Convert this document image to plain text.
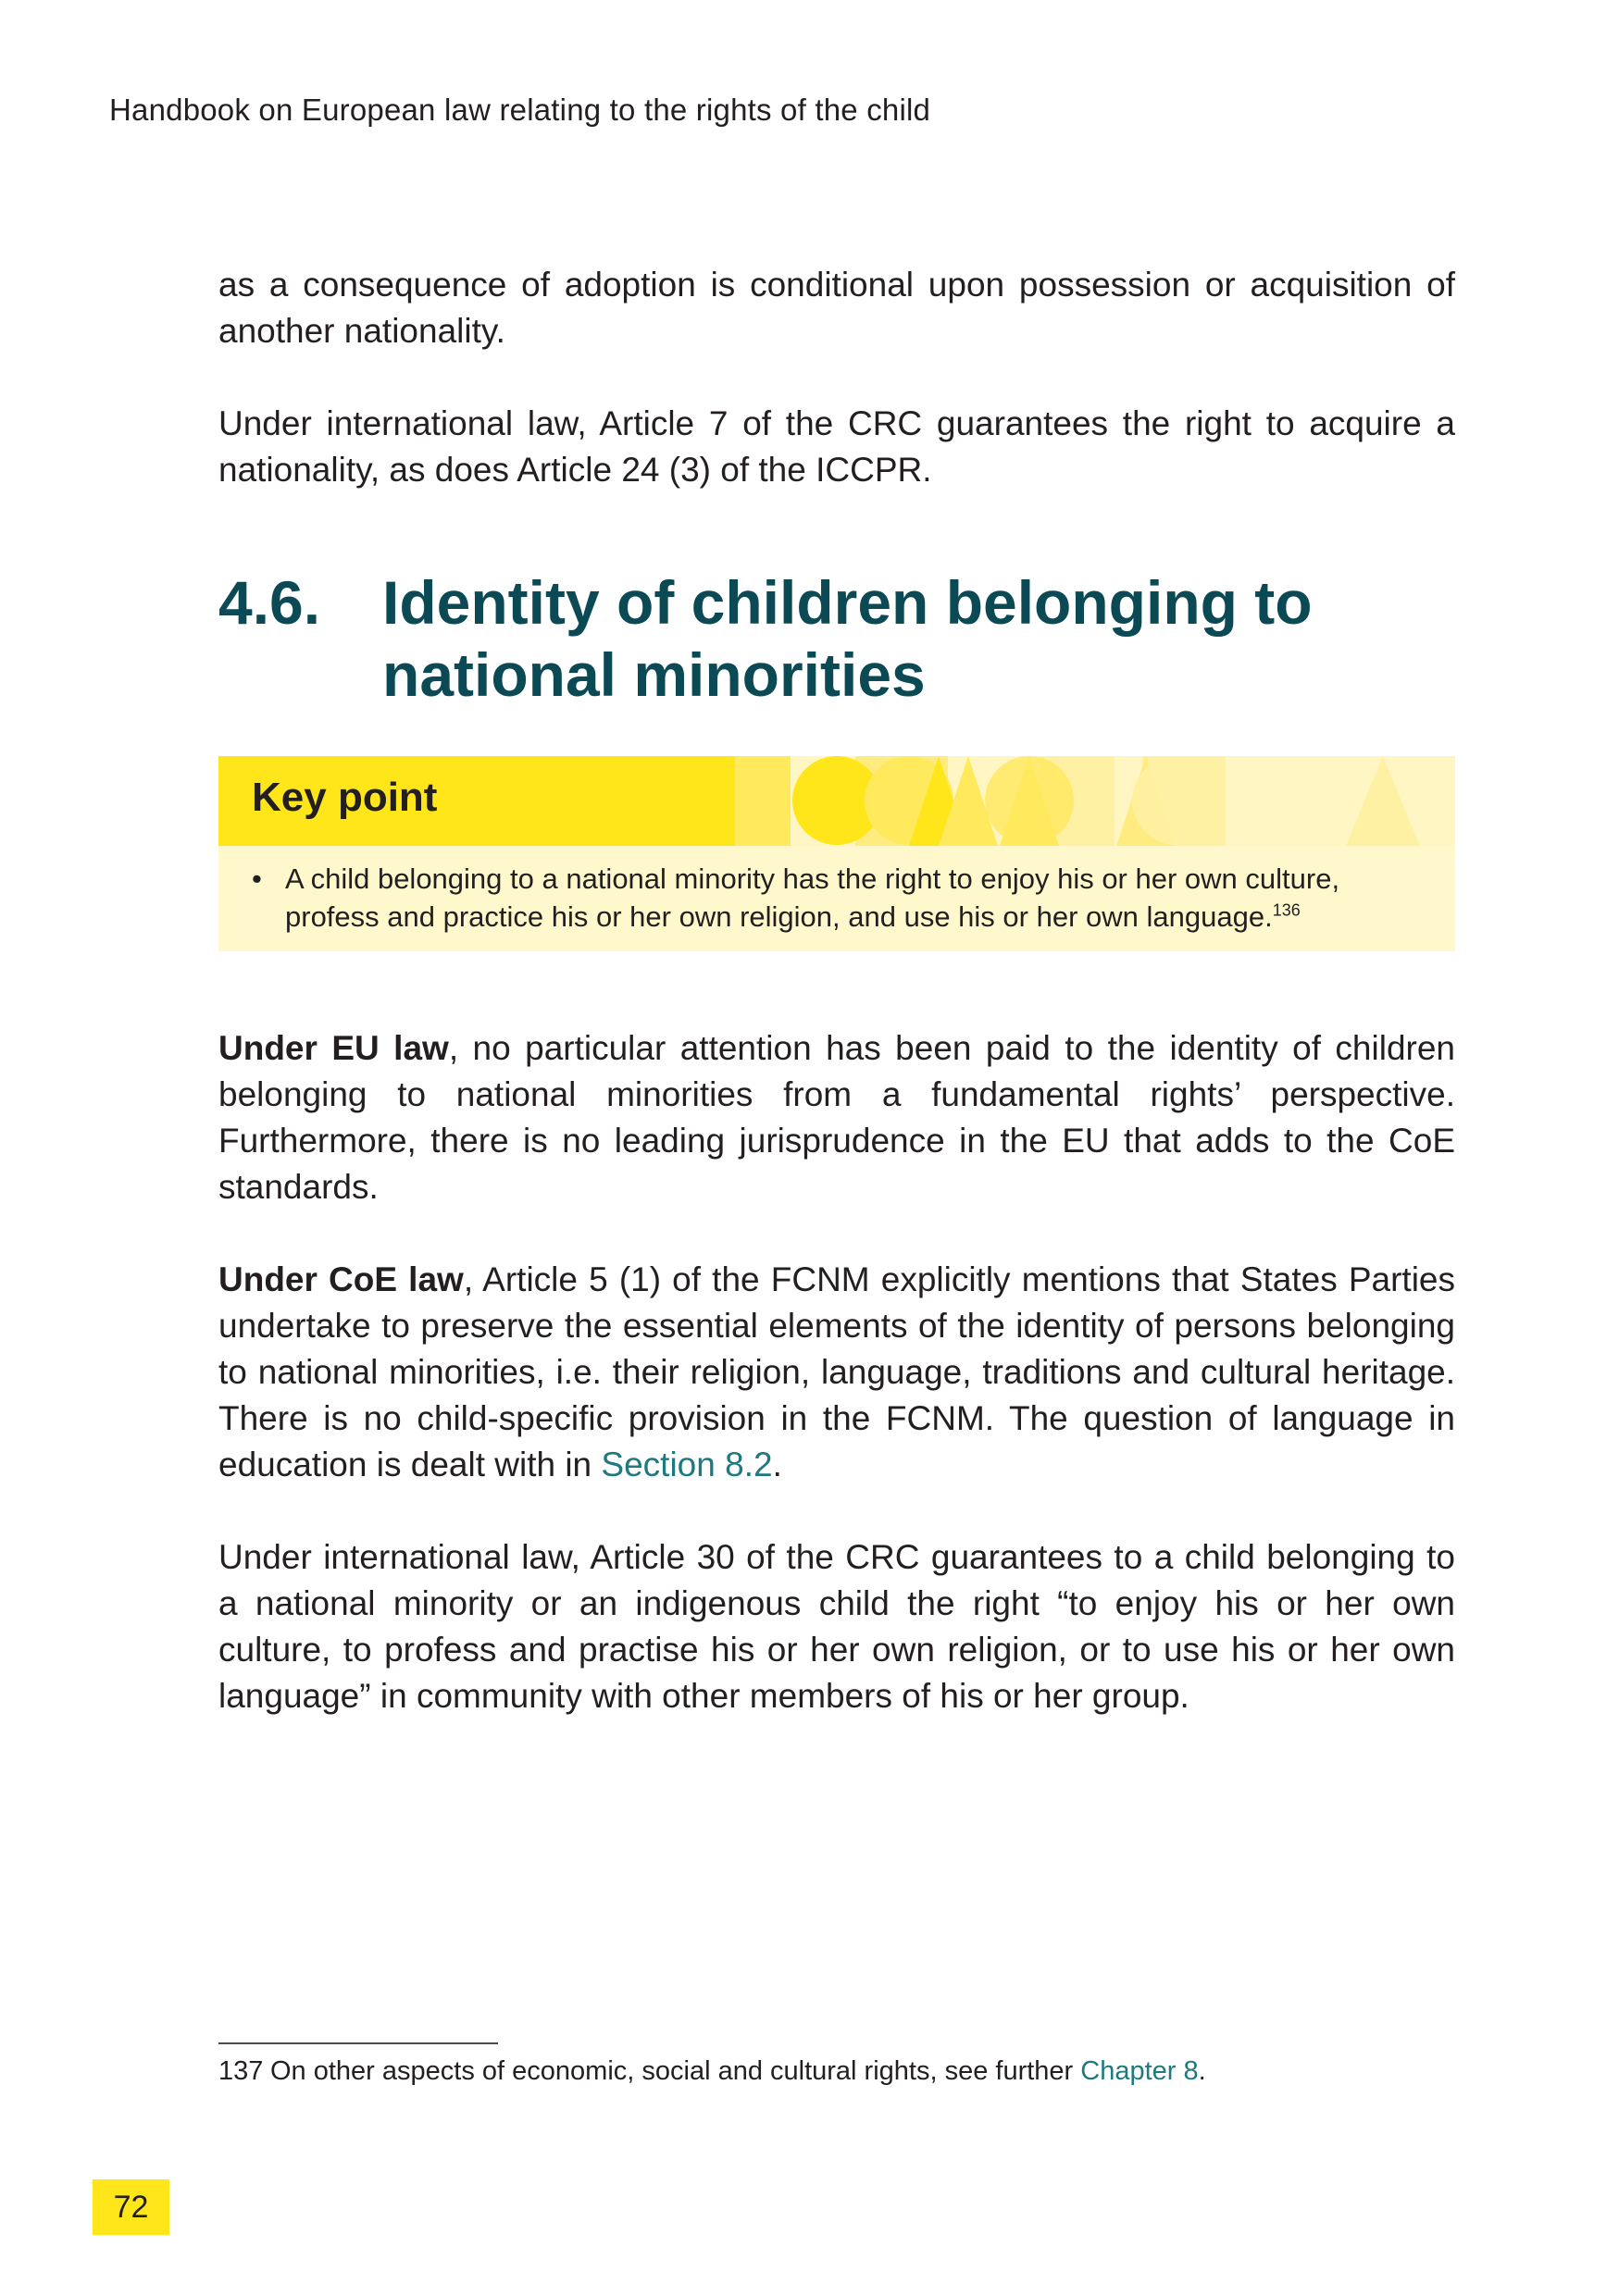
Handbook on European law relating to the rights of the child
as a consequence of adoption is conditional upon possession or acquisition of another nationality.
Under international law, Article 7 of the CRC guarantees the right to acquire a nationality, as does Article 24 (3) of the ICCPR.
4.6. Identity of children belonging to national minorities
Key point
• A child belonging to a national minority has the right to enjoy his or her own culture, profess and practice his or her own religion, and use his or her own language.$^{136}$
Under EU law, no particular attention has been paid to the identity of children belonging to national minorities from a fundamental rights’ perspective. Furthermore, there is no leading jurisprudence in the EU that adds to the CoE standards.
Under CoE law, Article 5 (1) of the FCNM explicitly mentions that States Parties undertake to preserve the essential elements of the identity of persons belonging to national minorities, i.e. their religion, language, traditions and cultural heritage. There is no child-specific provision in the FCNM. The question of language in education is dealt with in Section 8.2.
Under international law, Article 30 of the CRC guarantees to a child belonging to a national minority or an indigenous child the right “to enjoy his or her own culture, to profess and practise his or her own religion, or to use his or her own language” in community with other members of his or her group.
137 On other aspects of economic, social and cultural rights, see further Chapter 8.
72
